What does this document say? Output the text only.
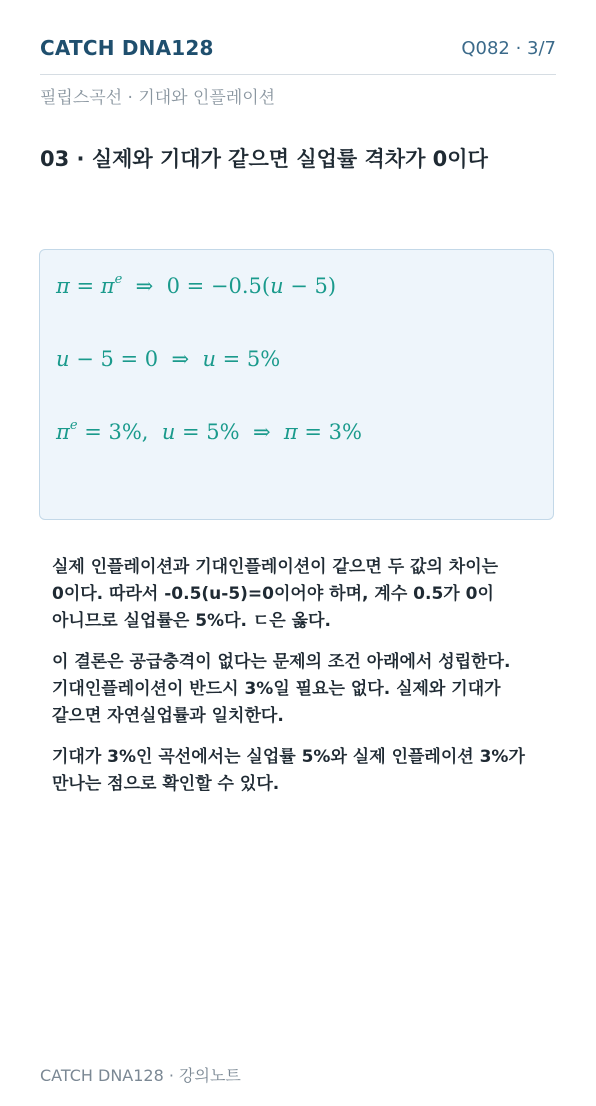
CATCH DNA128	Q082 · 3/7
필립스곡선 · 기대와 인플레이션
03 · 실제와 기대가 같으면 실업률 격차가 0이다
$\pi = \pi^e$  ⇒  0 = −0.5(u − 5)
u − 5 = 0  ⇒  u = 5%
$\pi^e = 3\%$,  u = 5%  ⇒  π = 3%
실제 인플레이션과 기대인플레이션이 같으면 두 값의 차이는 0이다. 따라서 -0.5(u-5)=0이어야 하며, 계수 0.5가 0이 아니므로 실업률은 5%다. ㄷ은 옳다.
이 결론은 공급충격이 없다는 문제의 조건 아래에서 성립한다. 기대인플레이션이 반드시 3%일 필요는 없다. 실제와 기대가 같으면 자연실업률과 일치한다.
기대가 3%인 곡선에서는 실업률 5%와 실제 인플레이션 3%가 만나는 점으로 확인할 수 있다.
CATCH DNA128 · 강의노트
